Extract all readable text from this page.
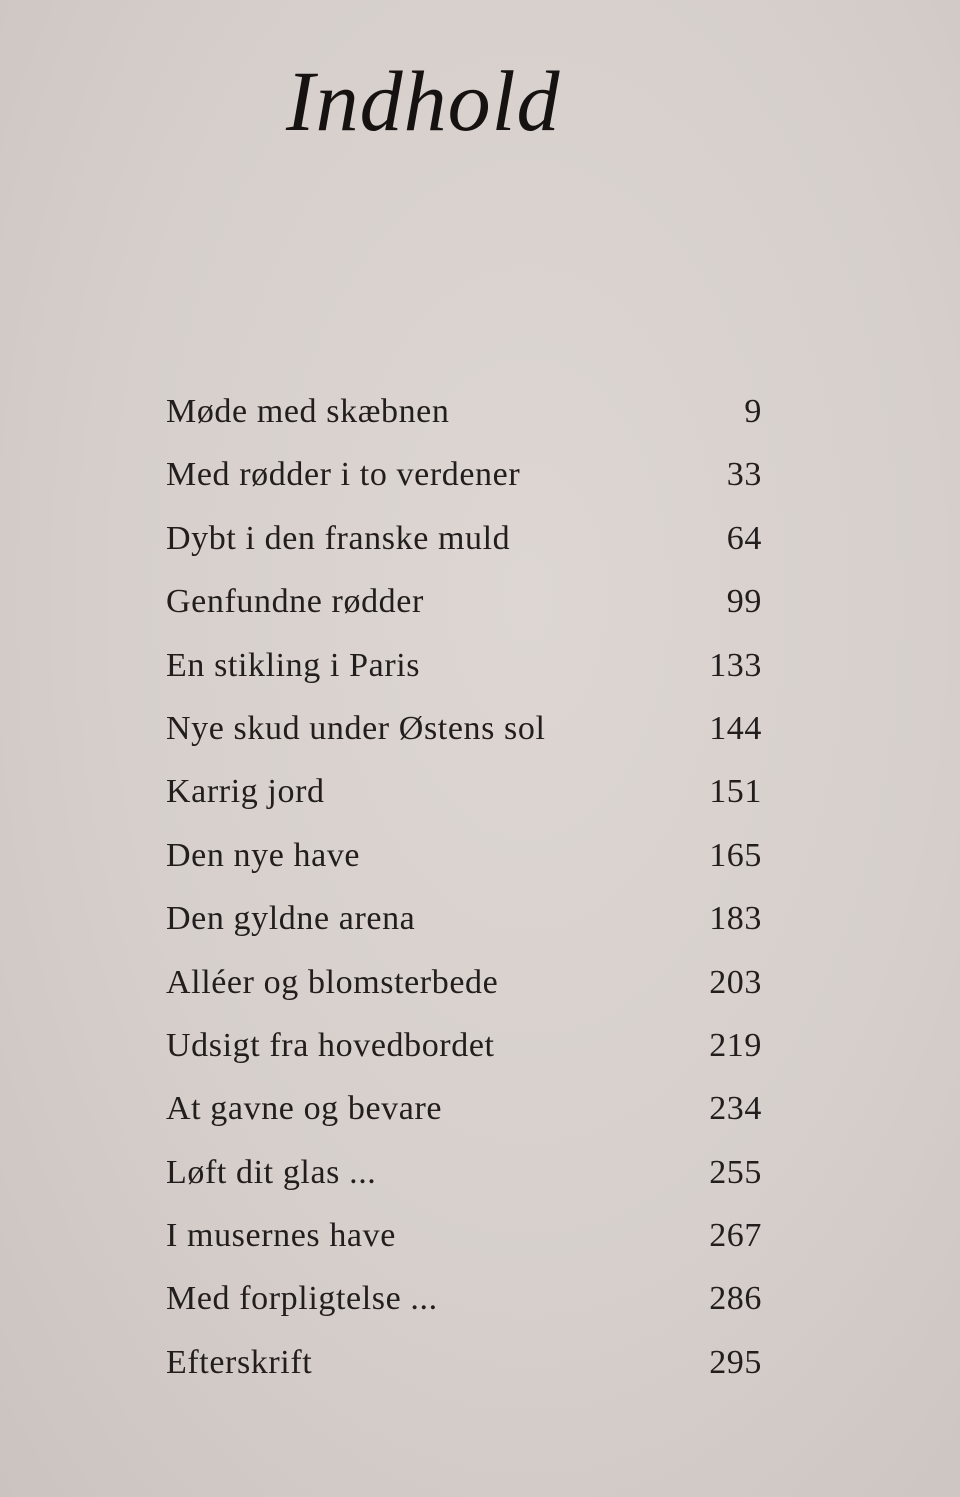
Indhold
Møde med skæbnen	9
Med rødder i to verdener	33
Dybt i den franske muld	64
Genfundne rødder	99
En stikling i Paris	133
Nye skud under Østens sol	144
Karrig jord	151
Den nye have	165
Den gyldne arena	183
Alléer og blomsterbede	203
Udsigt fra hovedbordet	219
At gavne og bevare	234
Løft dit glas ...	255
I musernes have	267
Med forpligtelse ...	286
Efterskrift	295
